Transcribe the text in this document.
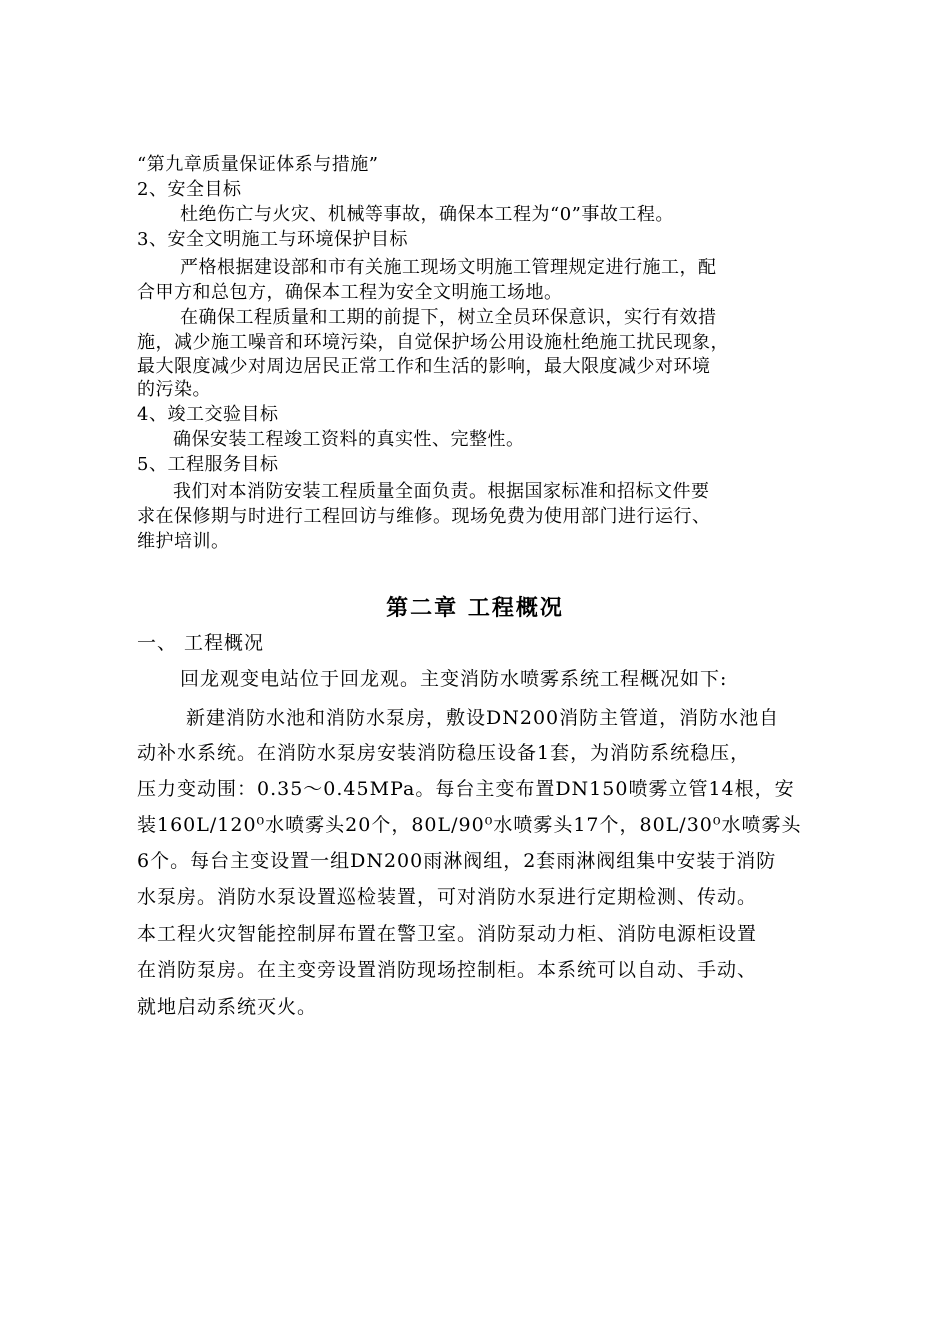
“第九章质量保证体系与措施”
2、安全目标
杜绝伤亡与火灾、机械等事故，确保本工程为“0”事故工程。
3、安全文明施工与环境保护目标
严格根据建设部和市有关施工现场文明施工管理规定进行施工，配
合甲方和总包方，确保本工程为安全文明施工场地。
在确保工程质量和工期的前提下，树立全员环保意识，实行有效措
施，减少施工噪音和环境污染，自觉保护场公用设施杜绝施工扰民现象，
最大限度减少对周边居民正常工作和生活的影响，最大限度减少对环境
的污染。
4、竣工交验目标
确保安装工程竣工资料的真实性、完整性。
5、工程服务目标
我们对本消防安装工程质量全面负责。根据国家标准和招标文件要
求在保修期与时进行工程回访与维修。现场免费为使用部门进行运行、
维护培训。
第二章 工程概况
一、 工程概况
回龙观变电站位于回龙观。主变消防水喷雾系统工程概况如下:
新建消防水池和消防水泵房，敷设DN200消防主管道，消防水池自
动补水系统。在消防水泵房安装消防稳压设备1套，为消防系统稳压，
压力变动围：0.35～0.45MPa。每台主变布置DN150喷雾立管14根，安
装160L/120⁰水喷雾头20个，80L/90⁰水喷雾头17个，80L/30⁰水喷雾头
6个。每台主变设置一组DN200雨淋阀组，2套雨淋阀组集中安装于消防
水泵房。消防水泵设置巡检装置，可对消防水泵进行定期检测、传动。
本工程火灾智能控制屏布置在警卫室。消防泵动力柜、消防电源柜设置
在消防泵房。在主变旁设置消防现场控制柜。本系统可以自动、手动、
就地启动系统灭火。
